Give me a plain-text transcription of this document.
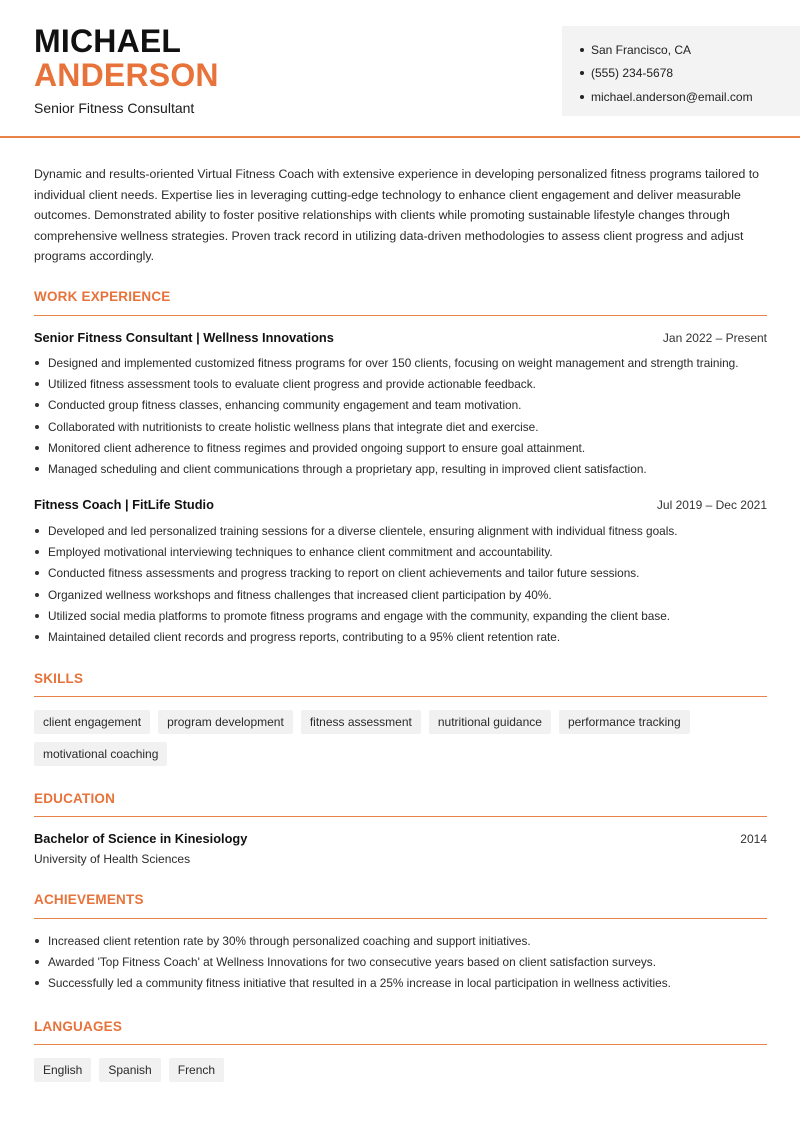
MICHAEL
ANDERSON
Senior Fitness Consultant
San Francisco, CA
(555) 234-5678
michael.anderson@email.com

Dynamic and results-oriented Virtual Fitness Coach with extensive experience in developing personalized fitness programs tailored to individual client needs. Expertise lies in leveraging cutting-edge technology to enhance client engagement and deliver measurable outcomes. Demonstrated ability to foster positive relationships with clients while promoting sustainable lifestyle changes through comprehensive wellness strategies. Proven track record in utilizing data-driven methodologies to assess client progress and adjust programs accordingly.

WORK EXPERIENCE
Senior Fitness Consultant | Wellness Innovations	Jan 2022 – Present
Designed and implemented customized fitness programs for over 150 clients, focusing on weight management and strength training.
Utilized fitness assessment tools to evaluate client progress and provide actionable feedback.
Conducted group fitness classes, enhancing community engagement and team motivation.
Collaborated with nutritionists to create holistic wellness plans that integrate diet and exercise.
Monitored client adherence to fitness regimes and provided ongoing support to ensure goal attainment.
Managed scheduling and client communications through a proprietary app, resulting in improved client satisfaction.
Fitness Coach | FitLife Studio	Jul 2019 – Dec 2021
Developed and led personalized training sessions for a diverse clientele, ensuring alignment with individual fitness goals.
Employed motivational interviewing techniques to enhance client commitment and accountability.
Conducted fitness assessments and progress tracking to report on client achievements and tailor future sessions.
Organized wellness workshops and fitness challenges that increased client participation by 40%.
Utilized social media platforms to promote fitness programs and engage with the community, expanding the client base.
Maintained detailed client records and progress reports, contributing to a 95% client retention rate.
SKILLS
client engagement	program development	fitness assessment	nutritional guidance	performance tracking
motivational coaching
EDUCATION
Bachelor of Science in Kinesiology	2014
University of Health Sciences
ACHIEVEMENTS
Increased client retention rate by 30% through personalized coaching and support initiatives.
Awarded 'Top Fitness Coach' at Wellness Innovations for two consecutive years based on client satisfaction surveys.
Successfully led a community fitness initiative that resulted in a 25% increase in local participation in wellness activities.
LANGUAGES
English	Spanish	French
